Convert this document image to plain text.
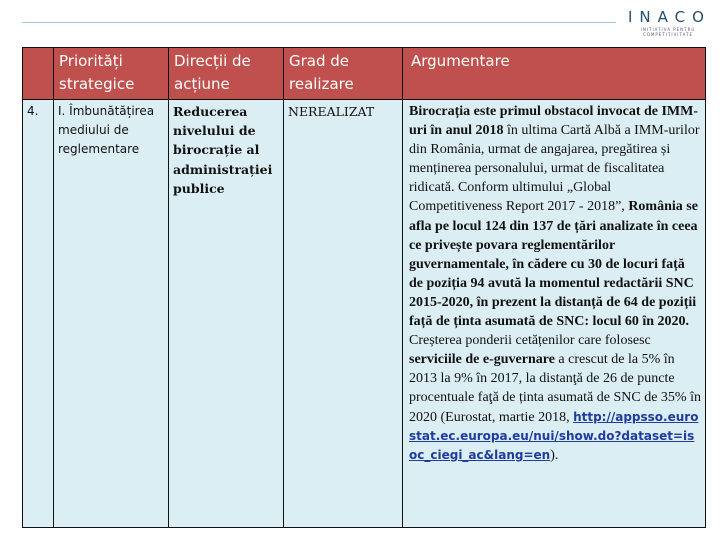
INACO
INITIATIVA PENTRU COMPETITIVITATE
	Priorități strategice	Direcții de acțiune	Grad de realizare	Argumentare
4.	I. Îmbunătățirea mediului de reglementare	Reducerea nivelului de birocrație al administrației publice	NEREALIZAT	Birocrația este primul obstacol invocat de IMM-uri în anul 2018 în ultima Cartă Albă a IMM-urilor din România, urmat de angajarea, pregătirea și menținerea personalului, urmat de fiscalitatea ridicată. Conform ultimului „Global Competitiveness Report 2017 - 2018”, România se afla pe locul 124 din 137 de țări analizate în ceea ce privește povara reglementărilor guvernamentale, în cădere cu 30 de locuri față de poziția 94 avută la momentul redactării SNC 2015-2020, în prezent la distanță de 64 de poziții față de ținta asumată de SNC: locul 60 în 2020.
Creșterea ponderii cetățenilor care folosesc serviciile de e-guvernare a crescut de la 5% în 2013 la 9% în 2017, la distanţă de 26 de puncte procentuale faţă de ținta asumată de SNC de 35% în 2020 (Eurostat, martie 2018, http://appsso.eurostat.ec.europa.eu/nui/show.do?dataset=isoc_ciegi_ac&lang=en).
